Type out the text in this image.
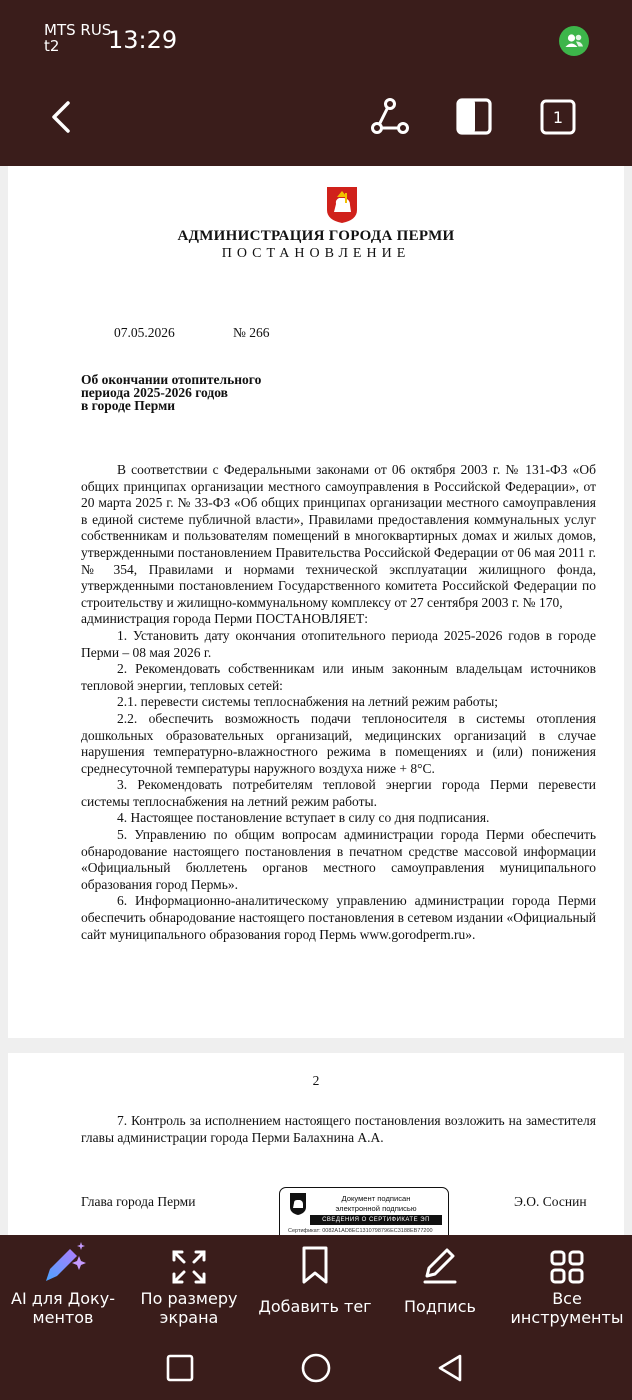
MTS RUS
t2	13:29
1
АДМИНИСТРАЦИЯ ГОРОДА ПЕРМИ
ПОСТАНОВЛЕНИЕ
07.05.2026	№ 266
Об окончании отопительного
периода 2025-2026 годов
в городе Перми

В соответствии с Федеральными законами от 06 октября 2003 г. № 131-ФЗ «Об общих принципах организации местного самоуправления в Российской Федерации», от 20 марта 2025 г. № 33-ФЗ «Об общих принципах организации местного самоуправления в единой системе публичной власти», Правилами предоставления коммунальных услуг собственникам и пользователям помещений в многоквартирных домах и жилых домов, утвержденными постановлением Правительства Российской Федерации от 06 мая 2011 г. № 354, Правилами и нормами технической эксплуатации жилищного фонда, утвержденными постановлением Государственного комитета Российской Федерации по строительству и жилищно-коммунальному комплексу от 27 сентября 2003 г. № 170,

администрация города Перми ПОСТАНОВЛЯЕТ:

1. Установить дату окончания отопительного периода 2025-2026 годов в городе Перми – 08 мая 2026 г.

2. Рекомендовать собственникам или иным законным владельцам источников тепловой энергии, тепловых сетей:

2.1. перевести системы теплоснабжения на летний режим работы;

2.2. обеспечить возможность подачи теплоносителя в системы отопления дошкольных образовательных организаций, медицинских организаций в случае нарушения температурно-влажностного режима в помещениях и (или) понижения среднесуточной температуры наружного воздуха ниже + 8°С.

3. Рекомендовать потребителям тепловой энергии города Перми перевести системы теплоснабжения на летний режим работы.

4. Настоящее постановление вступает в силу со дня подписания.

5. Управлению по общим вопросам администрации города Перми обеспечить обнародование настоящего постановления в печатном средстве массовой информации «Официальный бюллетень органов местного самоуправления муниципального образования город Пермь».

6. Информационно-аналитическому управлению администрации города Перми обеспечить обнародование настоящего постановления в сетевом издании «Официальный сайт муниципального образования город Пермь www.gorodperm.ru».

2
7. Контроль за исполнением настоящего постановления возложить на заместителя главы администрации города Перми Балахнина А.А.
Глава города Перми	Документ подписан
электронной подписью
СВЕДЕНИЯ О СЕРТИФИКАТЕ ЭП
Сертификат: 0082A1AD8EC1310798796EC3188EB77200
Э.О. Соснин
AI для Доку-
ментов
По размеру
экрана
Добавить тег Подпись	Все
инструменты
